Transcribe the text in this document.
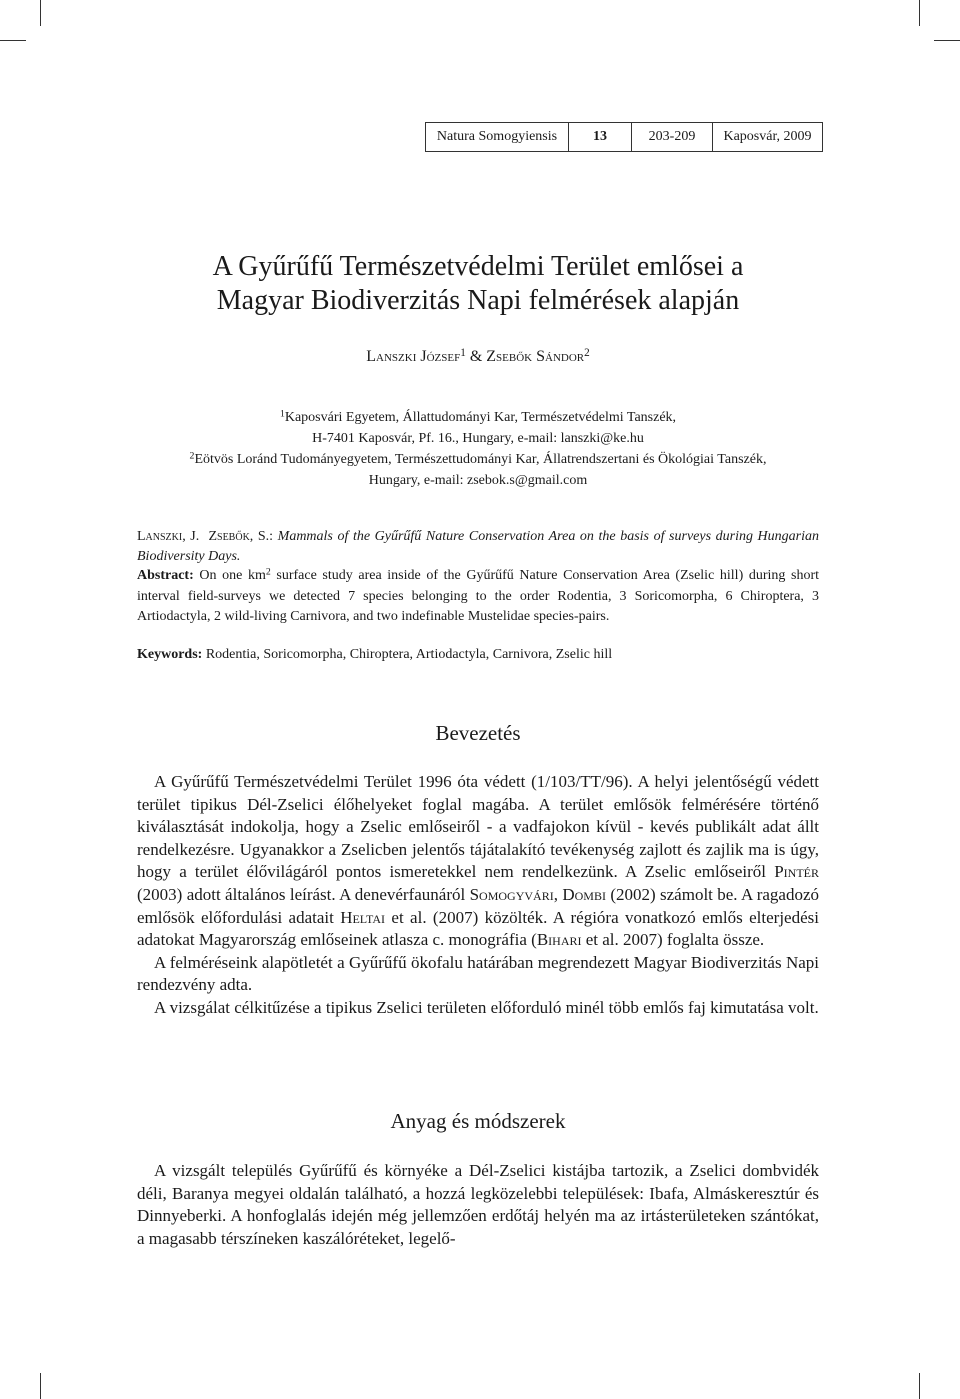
Natura Somogyiensis	13	203-209	Kaposvár, 2009
A Gyűrűfű Természetvédelmi Terület emlősei a
Magyar Biodiverzitás Napi felmérések alapján
Lanszki József$^1$ & Zsebők Sándor$^2$

$^1$Kaposvári Egyetem, Állattudományi Kar, Természetvédelmi Tanszék,

H-7401 Kaposvár, Pf. 16., Hungary, e-mail: lanszki@ke.hu

$^2$Eötvös Loránd Tudományegyetem, Természettudományi Kar, Állatrendszertani és Ökológiai Tanszék,

Hungary, e-mail: zsebok.s@gmail.com

Lanszki, J. Zsebők, S.: Mammals of the Gyűrűfű Nature Conservation Area on the basis of surveys during Hungarian Biodiversity Days.

Abstract: On one $km^2$ surface study area inside of the Gyűrűfű Nature Conservation Area (Zselic hill) during short interval field-surveys we detected 7 species belonging to the order Rodentia, 3 Soricomorpha, 6 Chiroptera, 3 Artiodactyla, 2 wild-living Carnivora, and two indefinable Mustelidae species-pairs.

Keywords: Rodentia, Soricomorpha, Chiroptera, Artiodactyla, Carnivora, Zselic hill

Bevezetés

A Gyűrűfű Természetvédelmi Terület 1996 óta védett (1/103/TT/96). A helyi jelentőségű védett terület tipikus Dél-Zselici élőhelyeket foglal magába. A terület emlősök felmérésére történő kiválasztását indokolja, hogy a Zselic emlőseiről - a vadfajokon kívül - kevés publikált adat állt rendelkezésre. Ugyanakkor a Zselicben jelentős tájátalakító tevékenység zajlott és zajlik ma is úgy, hogy a terület élővilágáról pontos ismeretekkel nem rendelkezünk. A Zselic emlőseiről Pintér (2003) adott általános leírást. A denevérfaunáról Somogyvári, Dombi (2002) számolt be. A ragadozó emlősök előfordulási adatait Heltai et al. (2007) közölték. A régióra vonatkozó emlős elterjedési adatokat Magyarország emlőseinek atlasza c. monográfia (Bihari et al. 2007) foglalta össze.

A felméréseink alapötletét a Gyűrűfű ökofalu határában megrendezett Magyar Biodiverzitás Napi rendezvény adta.

A vizsgálat célkitűzése a tipikus Zselici területen előforduló minél több emlős faj kimutatása volt.

Anyag és módszerek

A vizsgált település Gyűrűfű és környéke a Dél-Zselici kistájba tartozik, a Zselici dombvidék déli, Baranya megyei oldalán található, a hozzá legközelebbi települések: Ibafa, Almáskeresztúr és Dinnyeberki. A honfoglalás idején még jellemzően erdőtáj helyén ma az irtásterületeken szántókat, a magasabb térszíneken kaszálóréteket, legelő-
